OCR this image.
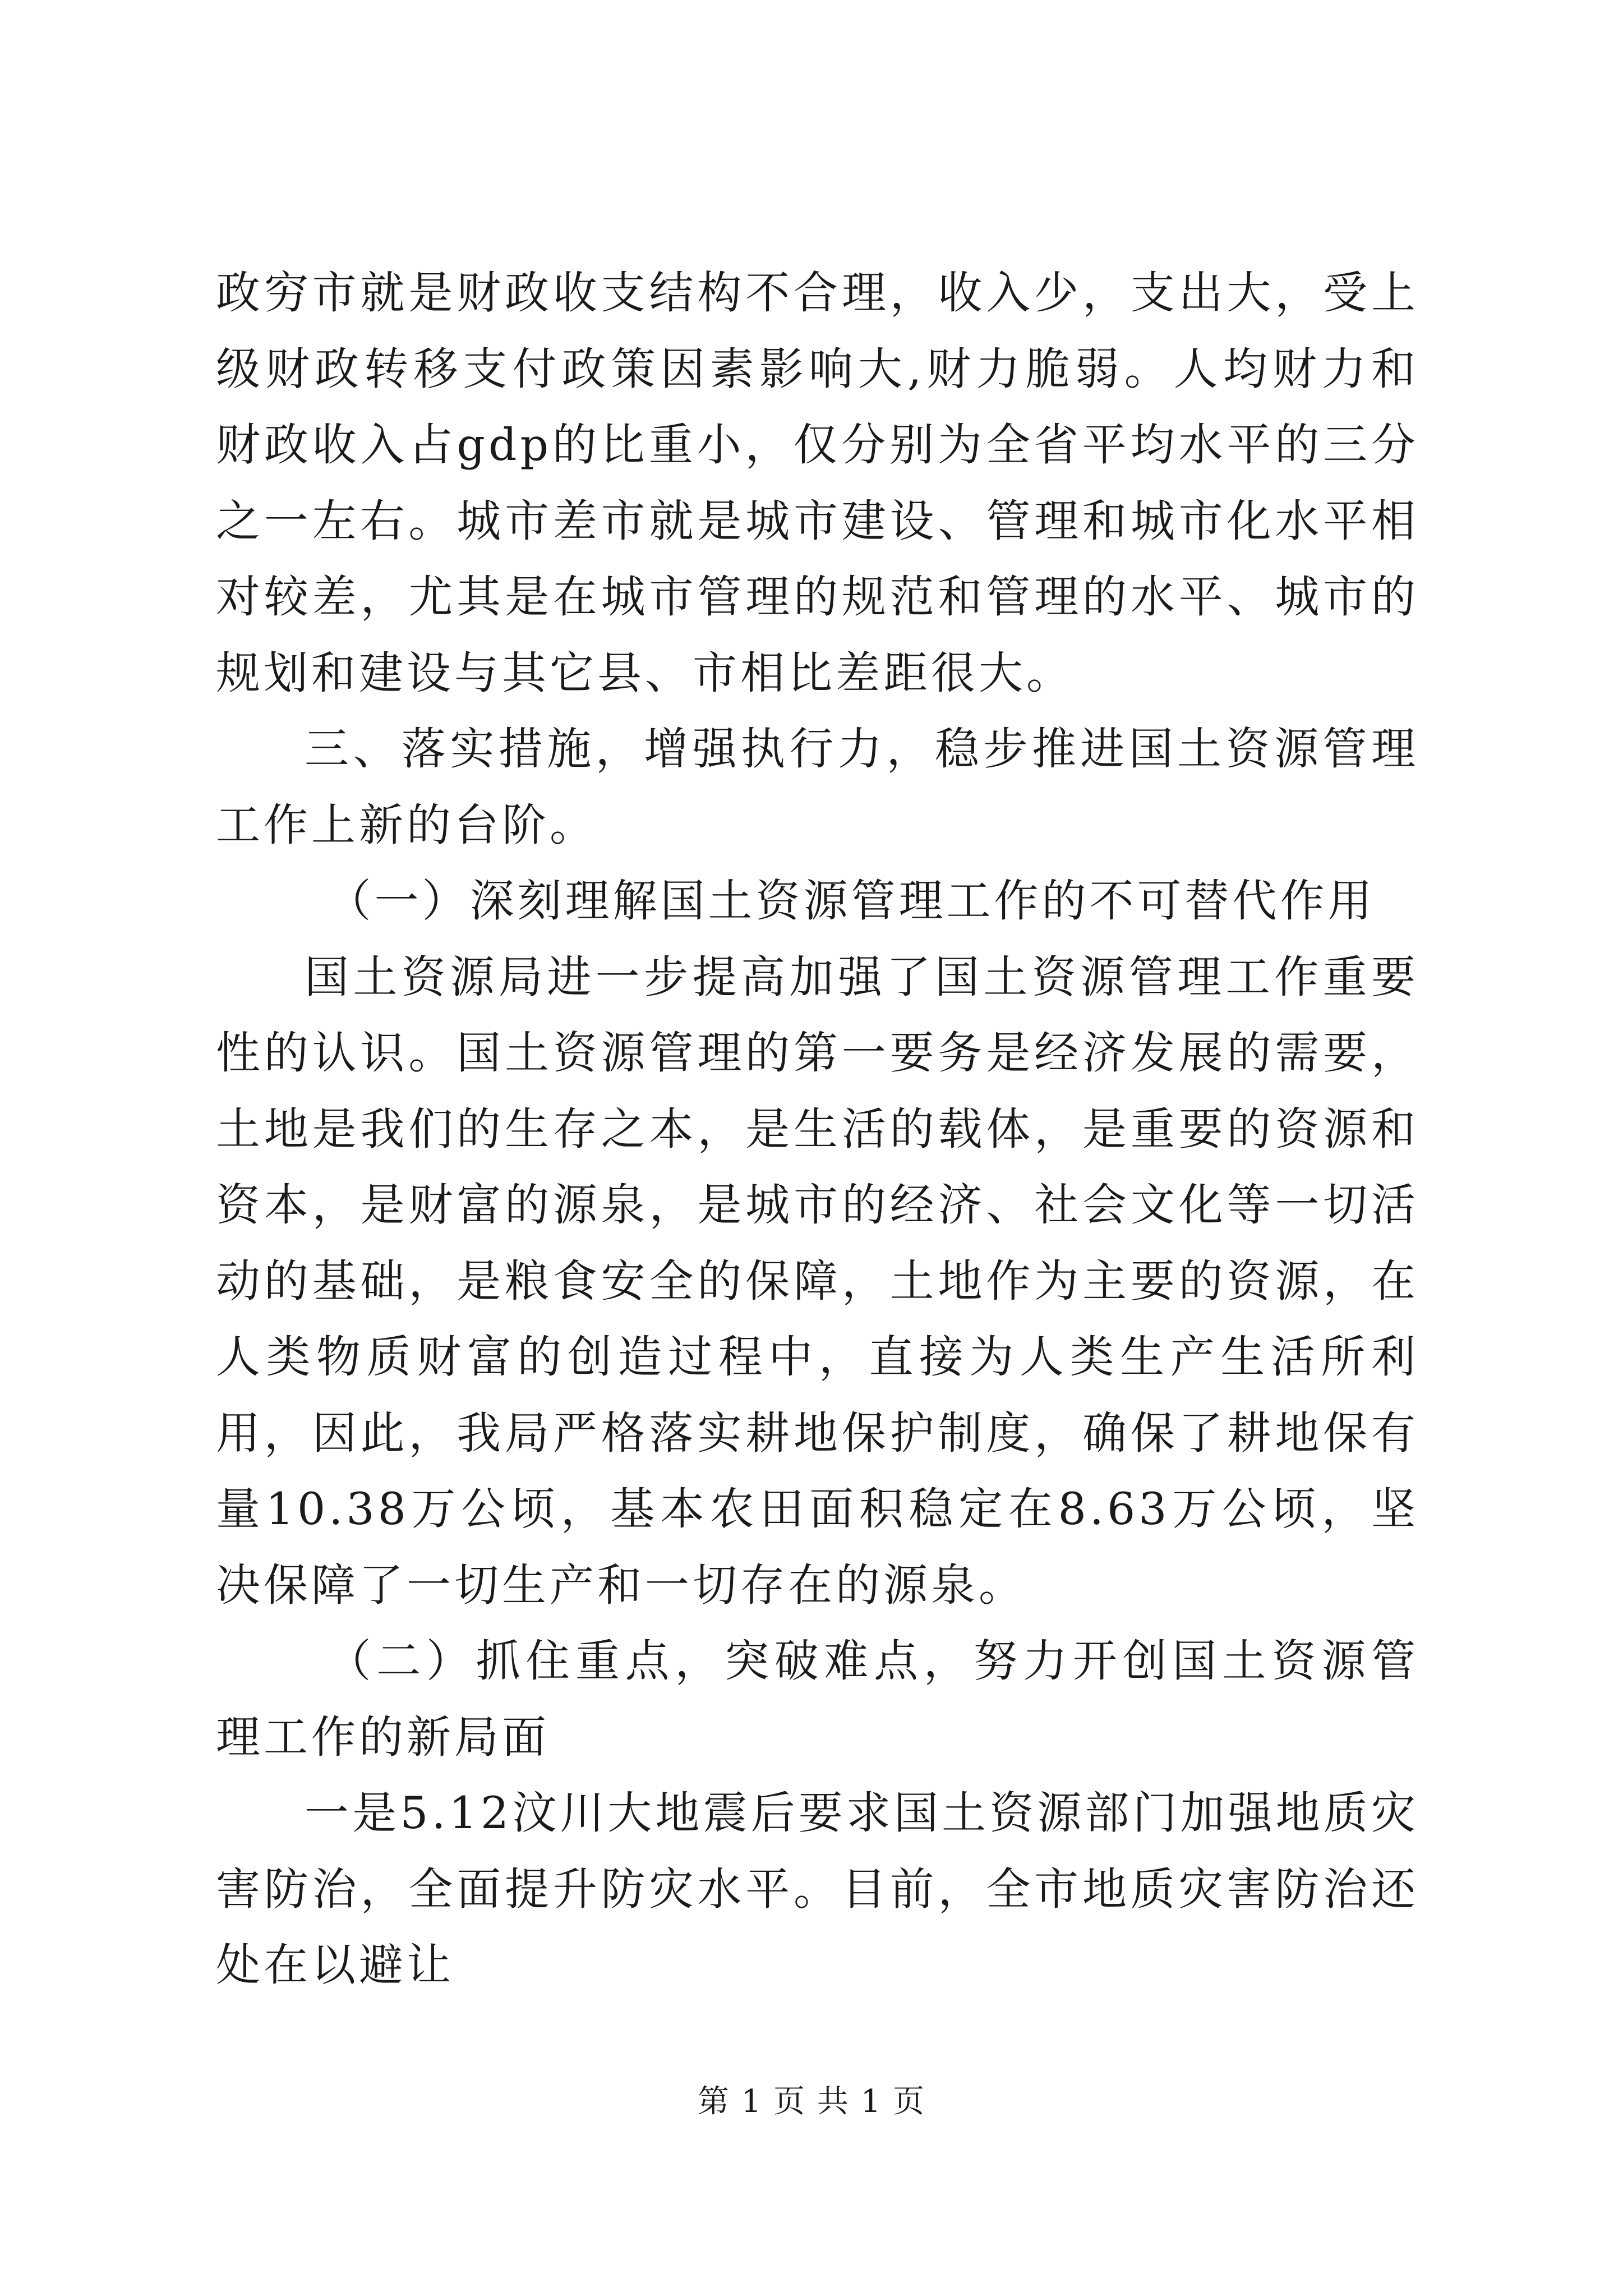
政穷市就是财政收支结构不合理，收入少，支出大，受上级财政转移支付政策因素影响大,财力脆弱。人均财力和财政收入占gdp的比重小，仅分别为全省平均水平的三分之一左右。城市差市就是城市建设、管理和城市化水平相对较差，尤其是在城市管理的规范和管理的水平、城市的规划和建设与其它县、市相比差距很大。

三、落实措施，增强执行力，稳步推进国土资源管理工作上新的台阶。

（一）深刻理解国土资源管理工作的不可替代作用

国土资源局进一步提高加强了国土资源管理工作重要性的认识。国土资源管理的第一要务是经济发展的需要，土地是我们的生存之本，是生活的载体，是重要的资源和资本，是财富的源泉，是城市的经济、社会文化等一切活动的基础，是粮食安全的保障，土地作为主要的资源，在人类物质财富的创造过程中，直接为人类生产生活所利用，因此，我局严格落实耕地保护制度，确保了耕地保有量10.38万公顷，基本农田面积稳定在8.63万公顷，坚决保障了一切生产和一切存在的源泉。

（二）抓住重点，突破难点，努力开创国土资源管理工作的新局面

一是5.12汶川大地震后要求国土资源部门加强地质灾害防治，全面提升防灾水平。目前，全市地质灾害防治还处在以避让

第 1 页 共 1 页
